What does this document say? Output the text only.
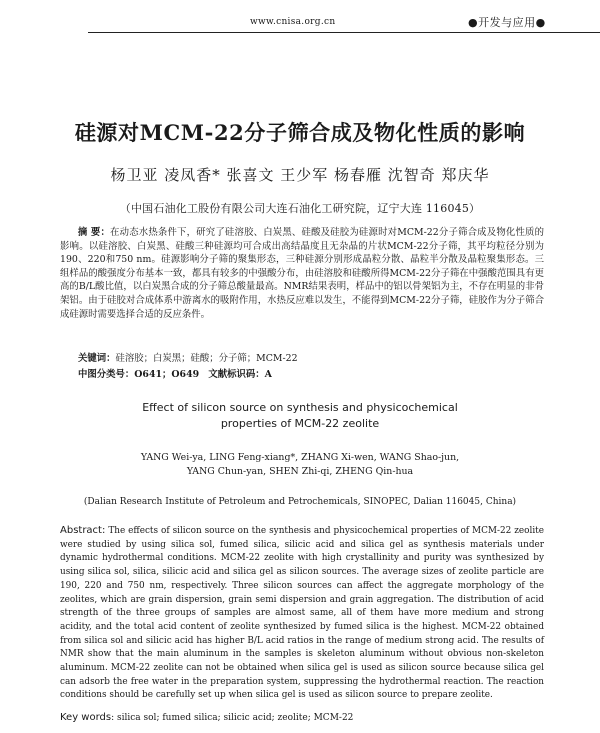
www.cnisa.org.cn	●开发与应用●
硅源对MCM-22分子筛合成及物化性质的影响
杨卫亚 凌凤香* 张喜文 王少军 杨春雁 沈智奇 郑庆华
（中国石油化工股份有限公司大连石油化工研究院，辽宁大连 116045）
摘 要：在动态水热条件下，研究了硅溶胶、白炭黑、硅酸及硅胶为硅源时对MCM-22分子筛合成及物化性质的影响。以硅溶胶、白炭黑、硅酸三种硅源均可合成出高结晶度且无杂晶的片状MCM-22分子筛，其平均粒径分别为190、220和750 nm。硅源影响分子筛的聚集形态，三种硅源分别形成晶粒分散、晶粒半分散及晶粒聚集形态。三组样品的酸强度分布基本一致，都具有较多的中强酸分布，由硅溶胶和硅酸所得MCM-22分子筛在中强酸范围具有更高的B/L酸比值，以白炭黑合成的分子筛总酸量最高。NMR结果表明，样品中的铝以骨架铝为主，不存在明显的非骨架铝。由于硅胶对合成体系中游离水的吸附作用，水热反应难以发生，不能得到MCM-22分子筛，硅胶作为分子筛合成硅源时需要选择合适的反应条件。
关键词：硅溶胶；白炭黑；硅酸；分子筛；MCM-22
中图分类号：O641；O649 文献标识码：A
Effect of silicon source on synthesis and physicochemical
properties of MCM-22 zeolite
YANG Wei-ya, LING Feng-xiang*, ZHANG Xi-wen, WANG Shao-jun,
YANG Chun-yan, SHEN Zhi-qi, ZHENG Qin-hua
(Dalian Research Institute of Petroleum and Petrochemicals, SINOPEC, Dalian 116045, China)
Abstract: The effects of silicon source on the synthesis and physicochemical properties of MCM-22 zeolite were studied by using silica sol, fumed silica, silicic acid and silica gel as synthesis materials under dynamic hydrothermal conditions. MCM-22 zeolite with high crystallinity and purity was synthesized by using silica sol, silica, silicic acid and silica gel as silicon sources. The average sizes of zeolite particle are 190, 220 and 750 nm, respectively. Three silicon sources can affect the aggregate morphology of the zeolites, which are grain dispersion, grain semi dispersion and grain aggregation. The distribution of acid strength of the three groups of samples are almost same, all of them have more medium and strong acidity, and the total acid content of zeolite synthesized by fumed silica is the highest. MCM-22 obtained from silica sol and silicic acid has higher B/L acid ratios in the range of medium strong acid. The results of NMR show that the main aluminum in the samples is skeleton aluminum without obvious non-skeleton aluminum. MCM-22 zeolite can not be obtained when silica gel is used as silicon source because silica gel can adsorb the free water in the preparation system, suppressing the hydrothermal reaction. The reaction conditions should be carefully set up when silica gel is used as silicon source to prepare zeolite.
Key words: silica sol; fumed silica; silicic acid; zeolite; MCM-22
